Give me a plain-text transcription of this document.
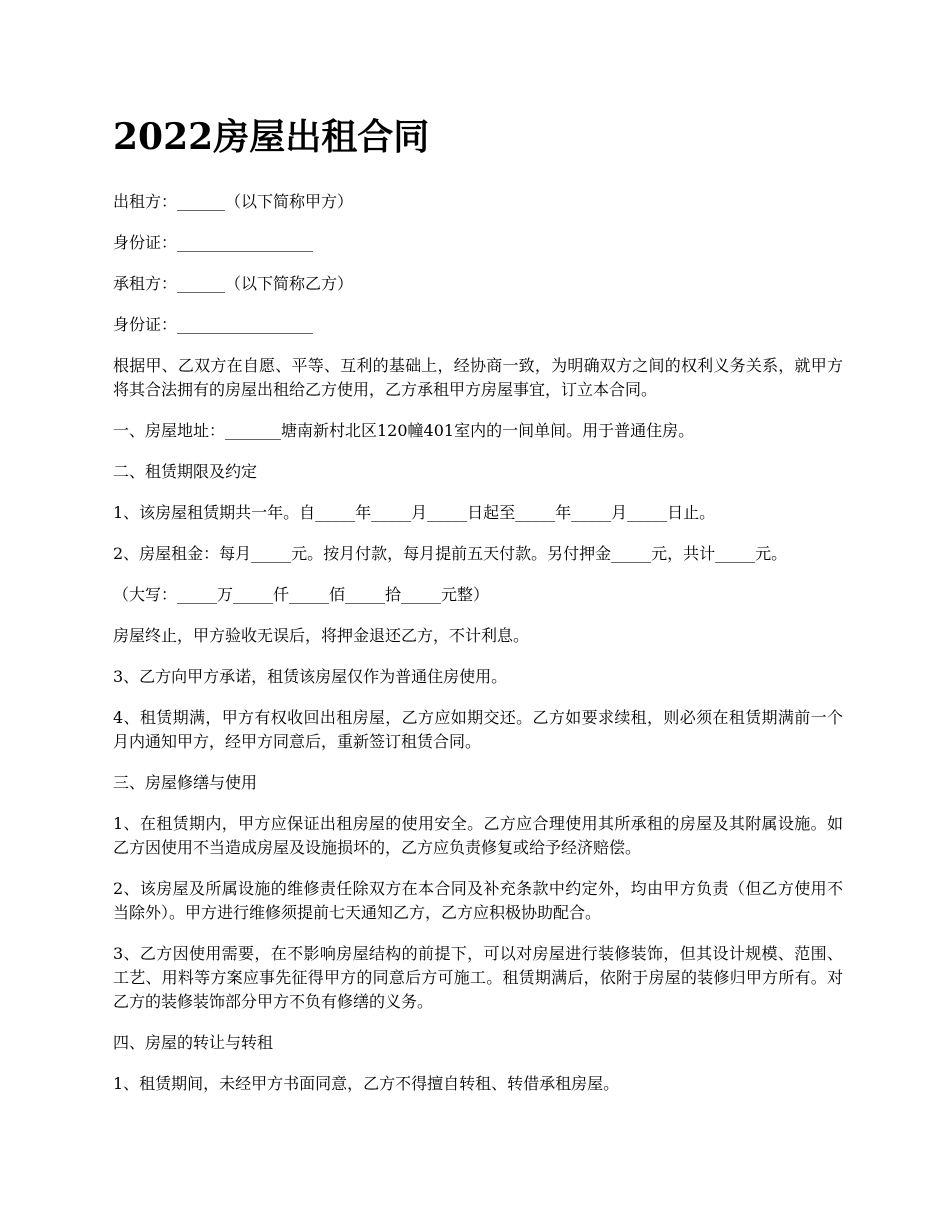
2022房屋出租合同

出租方：______（以下简称甲方）

身份证：_________________

承租方：______（以下简称乙方）

身份证：_________________

根据甲、乙双方在自愿、平等、互利的基础上，经协商一致，为明确双方之间的权利义务关系，就甲方将其合法拥有的房屋出租给乙方使用，乙方承租甲方房屋事宜，订立本合同。

一、房屋地址：_______塘南新村北区120幢401室内的一间单间。用于普通住房。

二、租赁期限及约定

1、该房屋租赁期共一年。自_____年_____月_____日起至_____年_____月_____日止。

2、房屋租金：每月_____元。按月付款，每月提前五天付款。另付押金_____元，共计_____元。

（大写：_____万_____仟_____佰_____拾_____元整）

房屋终止，甲方验收无误后，将押金退还乙方，不计利息。

3、乙方向甲方承诺，租赁该房屋仅作为普通住房使用。

4、租赁期满，甲方有权收回出租房屋，乙方应如期交还。乙方如要求续租，则必须在租赁期满前一个月内通知甲方，经甲方同意后，重新签订租赁合同。

三、房屋修缮与使用

1、在租赁期内，甲方应保证出租房屋的使用安全。乙方应合理使用其所承租的房屋及其附属设施。如乙方因使用不当造成房屋及设施损坏的，乙方应负责修复或给予经济赔偿。

2、该房屋及所属设施的维修责任除双方在本合同及补充条款中约定外，均由甲方负责（但乙方使用不当除外）。甲方进行维修须提前七天通知乙方，乙方应积极协助配合。

3、乙方因使用需要，在不影响房屋结构的前提下，可以对房屋进行装修装饰，但其设计规模、范围、工艺、用料等方案应事先征得甲方的同意后方可施工。租赁期满后，依附于房屋的装修归甲方所有。对乙方的装修装饰部分甲方不负有修缮的义务。

四、房屋的转让与转租

1、租赁期间，未经甲方书面同意，乙方不得擅自转租、转借承租房屋。
